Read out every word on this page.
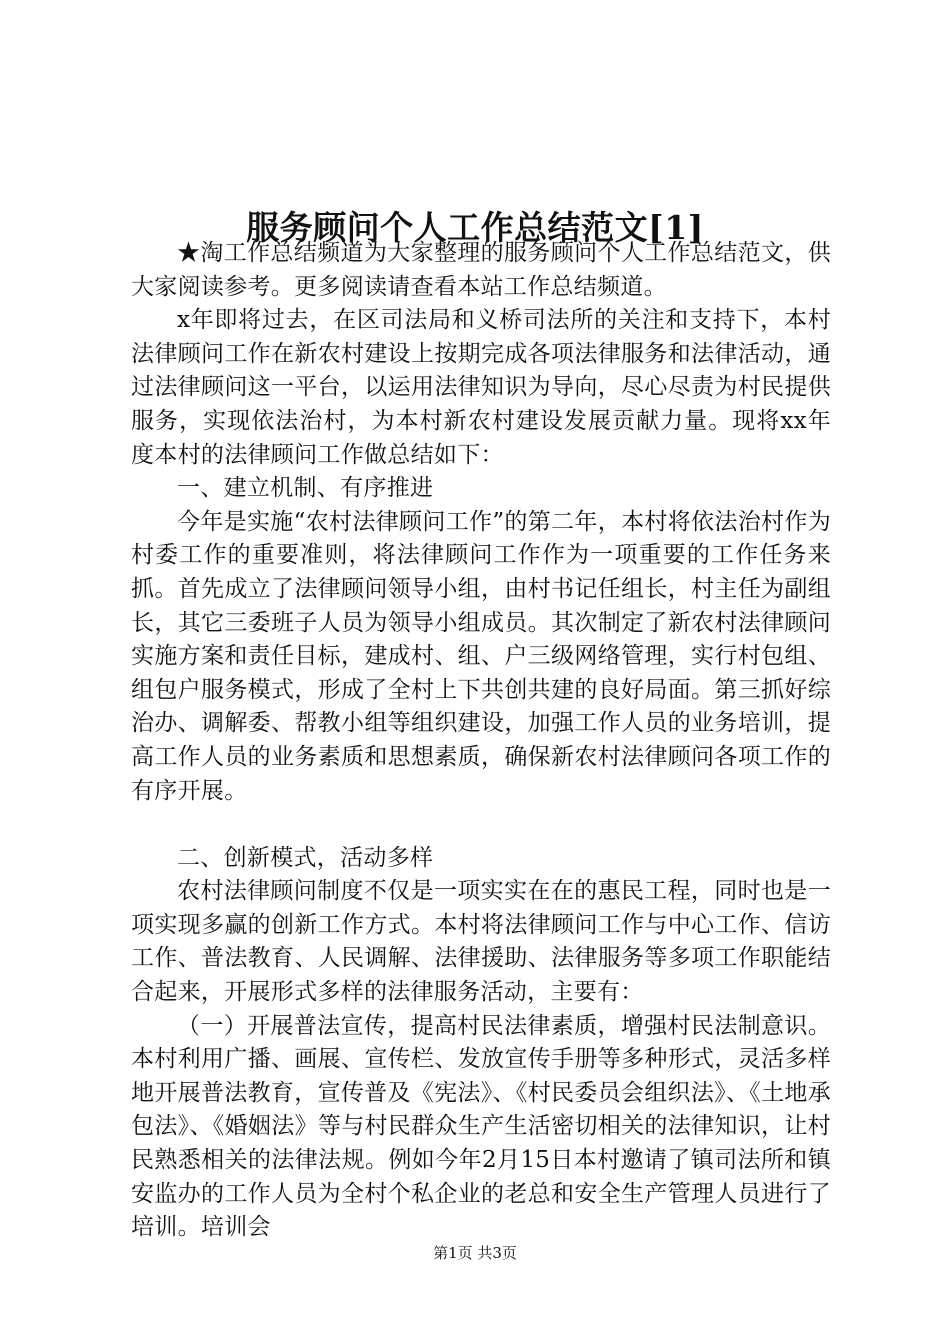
服务顾问个人工作总结范文[1]

★淘工作总结频道为大家整理的服务顾问个人工作总结范文，供大家阅读参考。更多阅读请查看本站工作总结频道。

x年即将过去，在区司法局和义桥司法所的关注和支持下，本村法律顾问工作在新农村建设上按期完成各项法律服务和法律活动，通过法律顾问这一平台，以运用法律知识为导向，尽心尽责为村民提供服务，实现依法治村，为本村新农村建设发展贡献力量。现将xx年度本村的法律顾问工作做总结如下：

一、建立机制、有序推进

今年是实施“农村法律顾问工作”的第二年，本村将依法治村作为村委工作的重要准则，将法律顾问工作作为一项重要的工作任务来抓。首先成立了法律顾问领导小组，由村书记任组长，村主任为副组长，其它三委班子人员为领导小组成员。其次制定了新农村法律顾问实施方案和责任目标，建成村、组、户三级网络管理，实行村包组、组包户服务模式，形成了全村上下共创共建的良好局面。第三抓好综治办、调解委、帮教小组等组织建设，加强工作人员的业务培训，提高工作人员的业务素质和思想素质，确保新农村法律顾问各项工作的有序开展。

二、创新模式，活动多样

农村法律顾问制度不仅是一项实实在在的惠民工程，同时也是一项实现多赢的创新工作方式。本村将法律顾问工作与中心工作、信访工作、普法教育、人民调解、法律援助、法律服务等多项工作职能结合起来，开展形式多样的法律服务活动，主要有：

（一）开展普法宣传，提高村民法律素质，增强村民法制意识。本村利用广播、画展、宣传栏、发放宣传手册等多种形式，灵活多样地开展普法教育，宣传普及《宪法》、《村民委员会组织法》、《土地承包法》、《婚姻法》等与村民群众生产生活密切相关的法律知识，让村民熟悉相关的法律法规。例如今年2月15日本村邀请了镇司法所和镇安监办的工作人员为全村个私企业的老总和安全生产管理人员进行了培训。培训会

第1页 共3页
